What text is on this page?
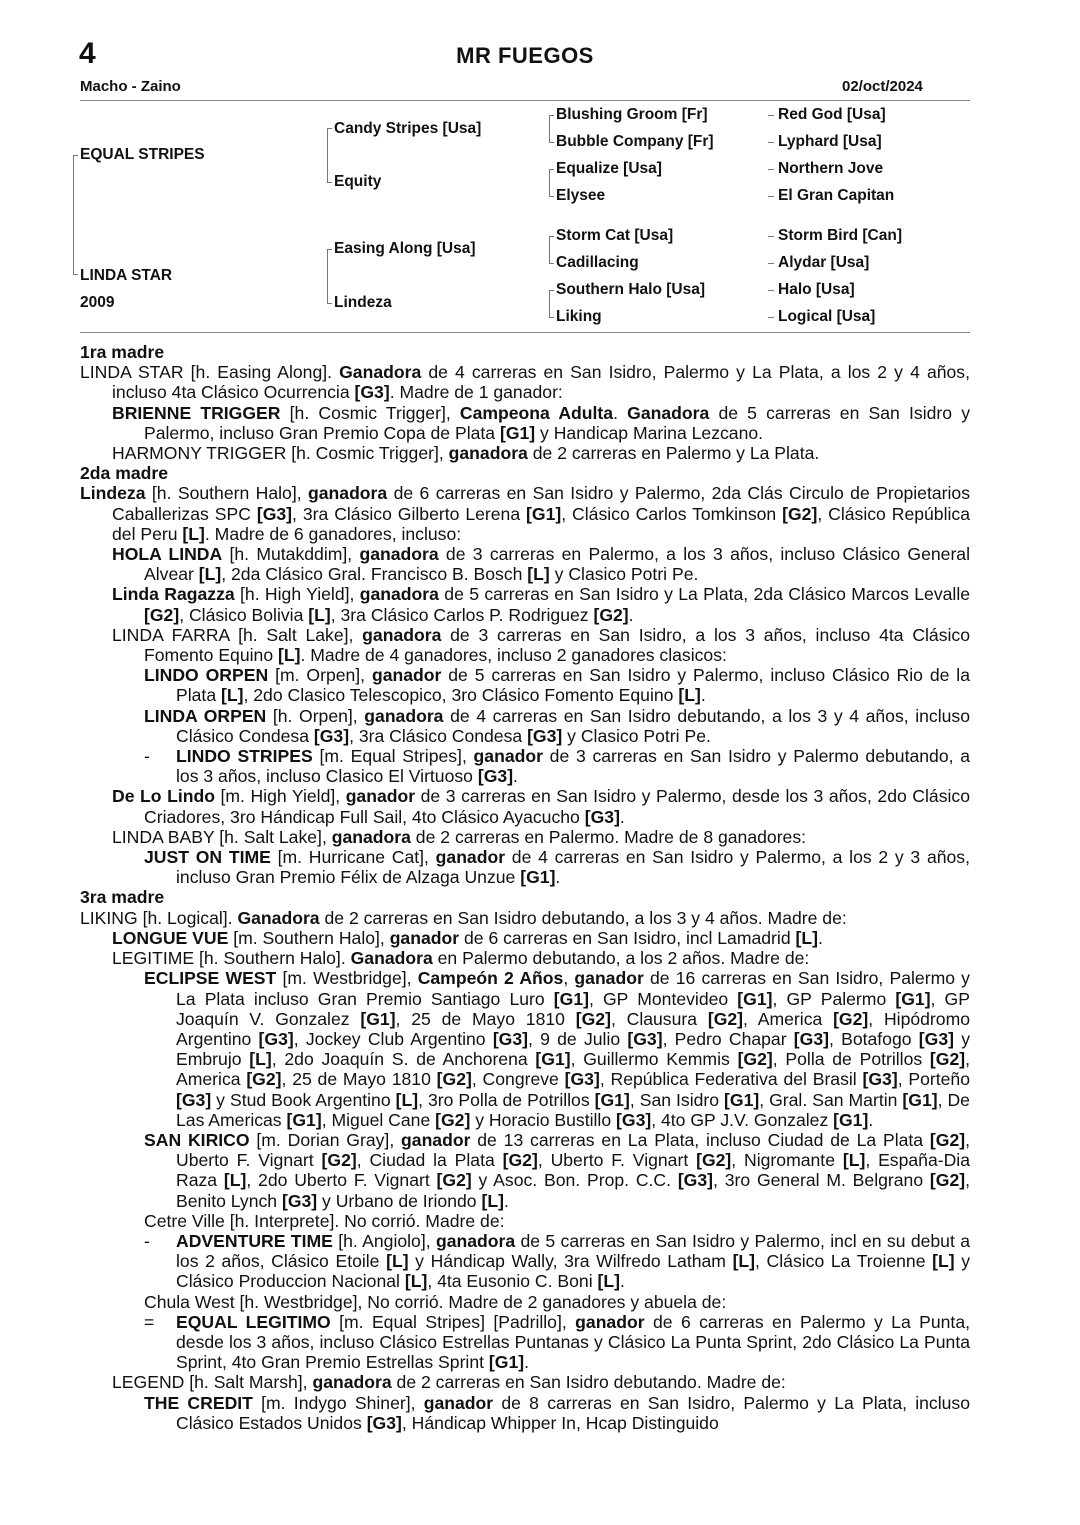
4	MR FUEGOS
Macho - Zaino	02/oct/2024
EQUAL STRIPES
LINDA STAR
2009
Candy Stripes [Usa]
Equity
Easing Along [Usa]
Lindeza
Blushing Groom [Fr]
Bubble Company [Fr]
Equalize [Usa]
Elysee
Storm Cat [Usa]
Cadillacing
Southern Halo [Usa]
Liking
Red God [Usa]
Lyphard [Usa]
Northern Jove
El Gran Capitan
Storm Bird [Can]
Alydar [Usa]
Halo [Usa]
Logical [Usa]
1ra madre
LINDA STAR [h. Easing Along]. Ganadora de 4 carreras en San Isidro, Palermo y La Plata, a los 2 y 4 años, incluso 4ta Clásico Ocurrencia [G3]. Madre de 1 ganador:
BRIENNE TRIGGER [h. Cosmic Trigger], Campeona Adulta. Ganadora de 5 carreras en San Isidro y Palermo, incluso Gran Premio Copa de Plata [G1] y Handicap Marina Lezcano.
HARMONY TRIGGER [h. Cosmic Trigger], ganadora de 2 carreras en Palermo y La Plata.
2da madre
Lindeza [h. Southern Halo], ganadora de 6 carreras en San Isidro y Palermo, 2da Clás Circulo de Propietarios Caballerizas SPC [G3], 3ra Clásico Gilberto Lerena [G1], Clásico Carlos Tomkinson [G2], Clásico República del Peru [L]. Madre de 6 ganadores, incluso:
HOLA LINDA [h. Mutakddim], ganadora de 3 carreras en Palermo, a los 3 años, incluso Clásico General Alvear [L], 2da Clásico Gral. Francisco B. Bosch [L] y Clasico Potri Pe.
Linda Ragazza [h. High Yield], ganadora de 5 carreras en San Isidro y La Plata, 2da Clásico Marcos Levalle [G2], Clásico Bolivia [L], 3ra Clásico Carlos P. Rodriguez [G2].
LINDA FARRA [h. Salt Lake], ganadora de 3 carreras en San Isidro, a los 3 años, incluso 4ta Clásico Fomento Equino [L]. Madre de 4 ganadores, incluso 2 ganadores clasicos:
LINDO ORPEN [m. Orpen], ganador de 5 carreras en San Isidro y Palermo, incluso Clásico Rio de la Plata [L], 2do Clasico Telescopico, 3ro Clásico Fomento Equino [L].
LINDA ORPEN [h. Orpen], ganadora de 4 carreras en San Isidro debutando, a los 3 y 4 años, incluso Clásico Condesa [G3], 3ra Clásico Condesa [G3] y Clasico Potri Pe.
- LINDO STRIPES [m. Equal Stripes], ganador de 3 carreras en San Isidro y Palermo debutando, a los 3 años, incluso Clasico El Virtuoso [G3].
De Lo Lindo [m. High Yield], ganador de 3 carreras en San Isidro y Palermo, desde los 3 años, 2do Clásico Criadores, 3ro Hándicap Full Sail, 4to Clásico Ayacucho [G3].
LINDA BABY [h. Salt Lake], ganadora de 2 carreras en Palermo. Madre de 8 ganadores:
JUST ON TIME [m. Hurricane Cat], ganador de 4 carreras en San Isidro y Palermo, a los 2 y 3 años, incluso Gran Premio Félix de Alzaga Unzue [G1].
3ra madre
LIKING [h. Logical]. Ganadora de 2 carreras en San Isidro debutando, a los 3 y 4 años. Madre de:
LONGUE VUE [m. Southern Halo], ganador de 6 carreras en San Isidro, incl Lamadrid [L].
LEGITIME [h. Southern Halo]. Ganadora en Palermo debutando, a los 2 años. Madre de:
ECLIPSE WEST [m. Westbridge], Campeón 2 Años, ganador de 16 carreras en San Isidro, Palermo y La Plata incluso Gran Premio Santiago Luro [G1], GP Montevideo [G1], GP Palermo [G1], GP Joaquín V. Gonzalez [G1], 25 de Mayo 1810 [G2], Clausura [G2], America [G2], Hipódromo Argentino [G3], Jockey Club Argentino [G3], 9 de Julio [G3], Pedro Chapar [G3], Botafogo [G3] y Embrujo [L], 2do Joaquín S. de Anchorena [G1], Guillermo Kemmis [G2], Polla de Potrillos [G2], America [G2], 25 de Mayo 1810 [G2], Congreve [G3], República Federativa del Brasil [G3], Porteño [G3] y Stud Book Argentino [L], 3ro Polla de Potrillos [G1], San Isidro [G1], Gral. San Martin [G1], De Las Americas [G1], Miguel Cane [G2] y Horacio Bustillo [G3], 4to GP J.V. Gonzalez [G1].
SAN KIRICO [m. Dorian Gray], ganador de 13 carreras en La Plata, incluso Ciudad de La Plata [G2], Uberto F. Vignart [G2], Ciudad la Plata [G2], Uberto F. Vignart [G2], Nigromante [L], España-Dia Raza [L], 2do Uberto F. Vignart [G2] y Asoc. Bon. Prop. C.C. [G3], 3ro General M. Belgrano [G2], Benito Lynch [G3] y Urbano de Iriondo [L].
Cetre Ville [h. Interprete]. No corrió. Madre de:
- ADVENTURE TIME [h. Angiolo], ganadora de 5 carreras en San Isidro y Palermo, incl en su debut a los 2 años, Clásico Etoile [L] y Hándicap Wally, 3ra Wilfredo Latham [L], Clásico La Troienne [L] y Clásico Produccion Nacional [L], 4ta Eusonio C. Boni [L].
Chula West [h. Westbridge], No corrió. Madre de 2 ganadores y abuela de:
= EQUAL LEGITIMO [m. Equal Stripes] [Padrillo], ganador de 6 carreras en Palermo y La Punta, desde los 3 años, incluso Clásico Estrellas Puntanas y Clásico La Punta Sprint, 2do Clásico La Punta Sprint, 4to Gran Premio Estrellas Sprint [G1].
LEGEND [h. Salt Marsh], ganadora de 2 carreras en San Isidro debutando. Madre de:
THE CREDIT [m. Indygo Shiner], ganador de 8 carreras en San Isidro, Palermo y La Plata, incluso Clásico Estados Unidos [G3], Hándicap Whipper In, Hcap Distinguido
